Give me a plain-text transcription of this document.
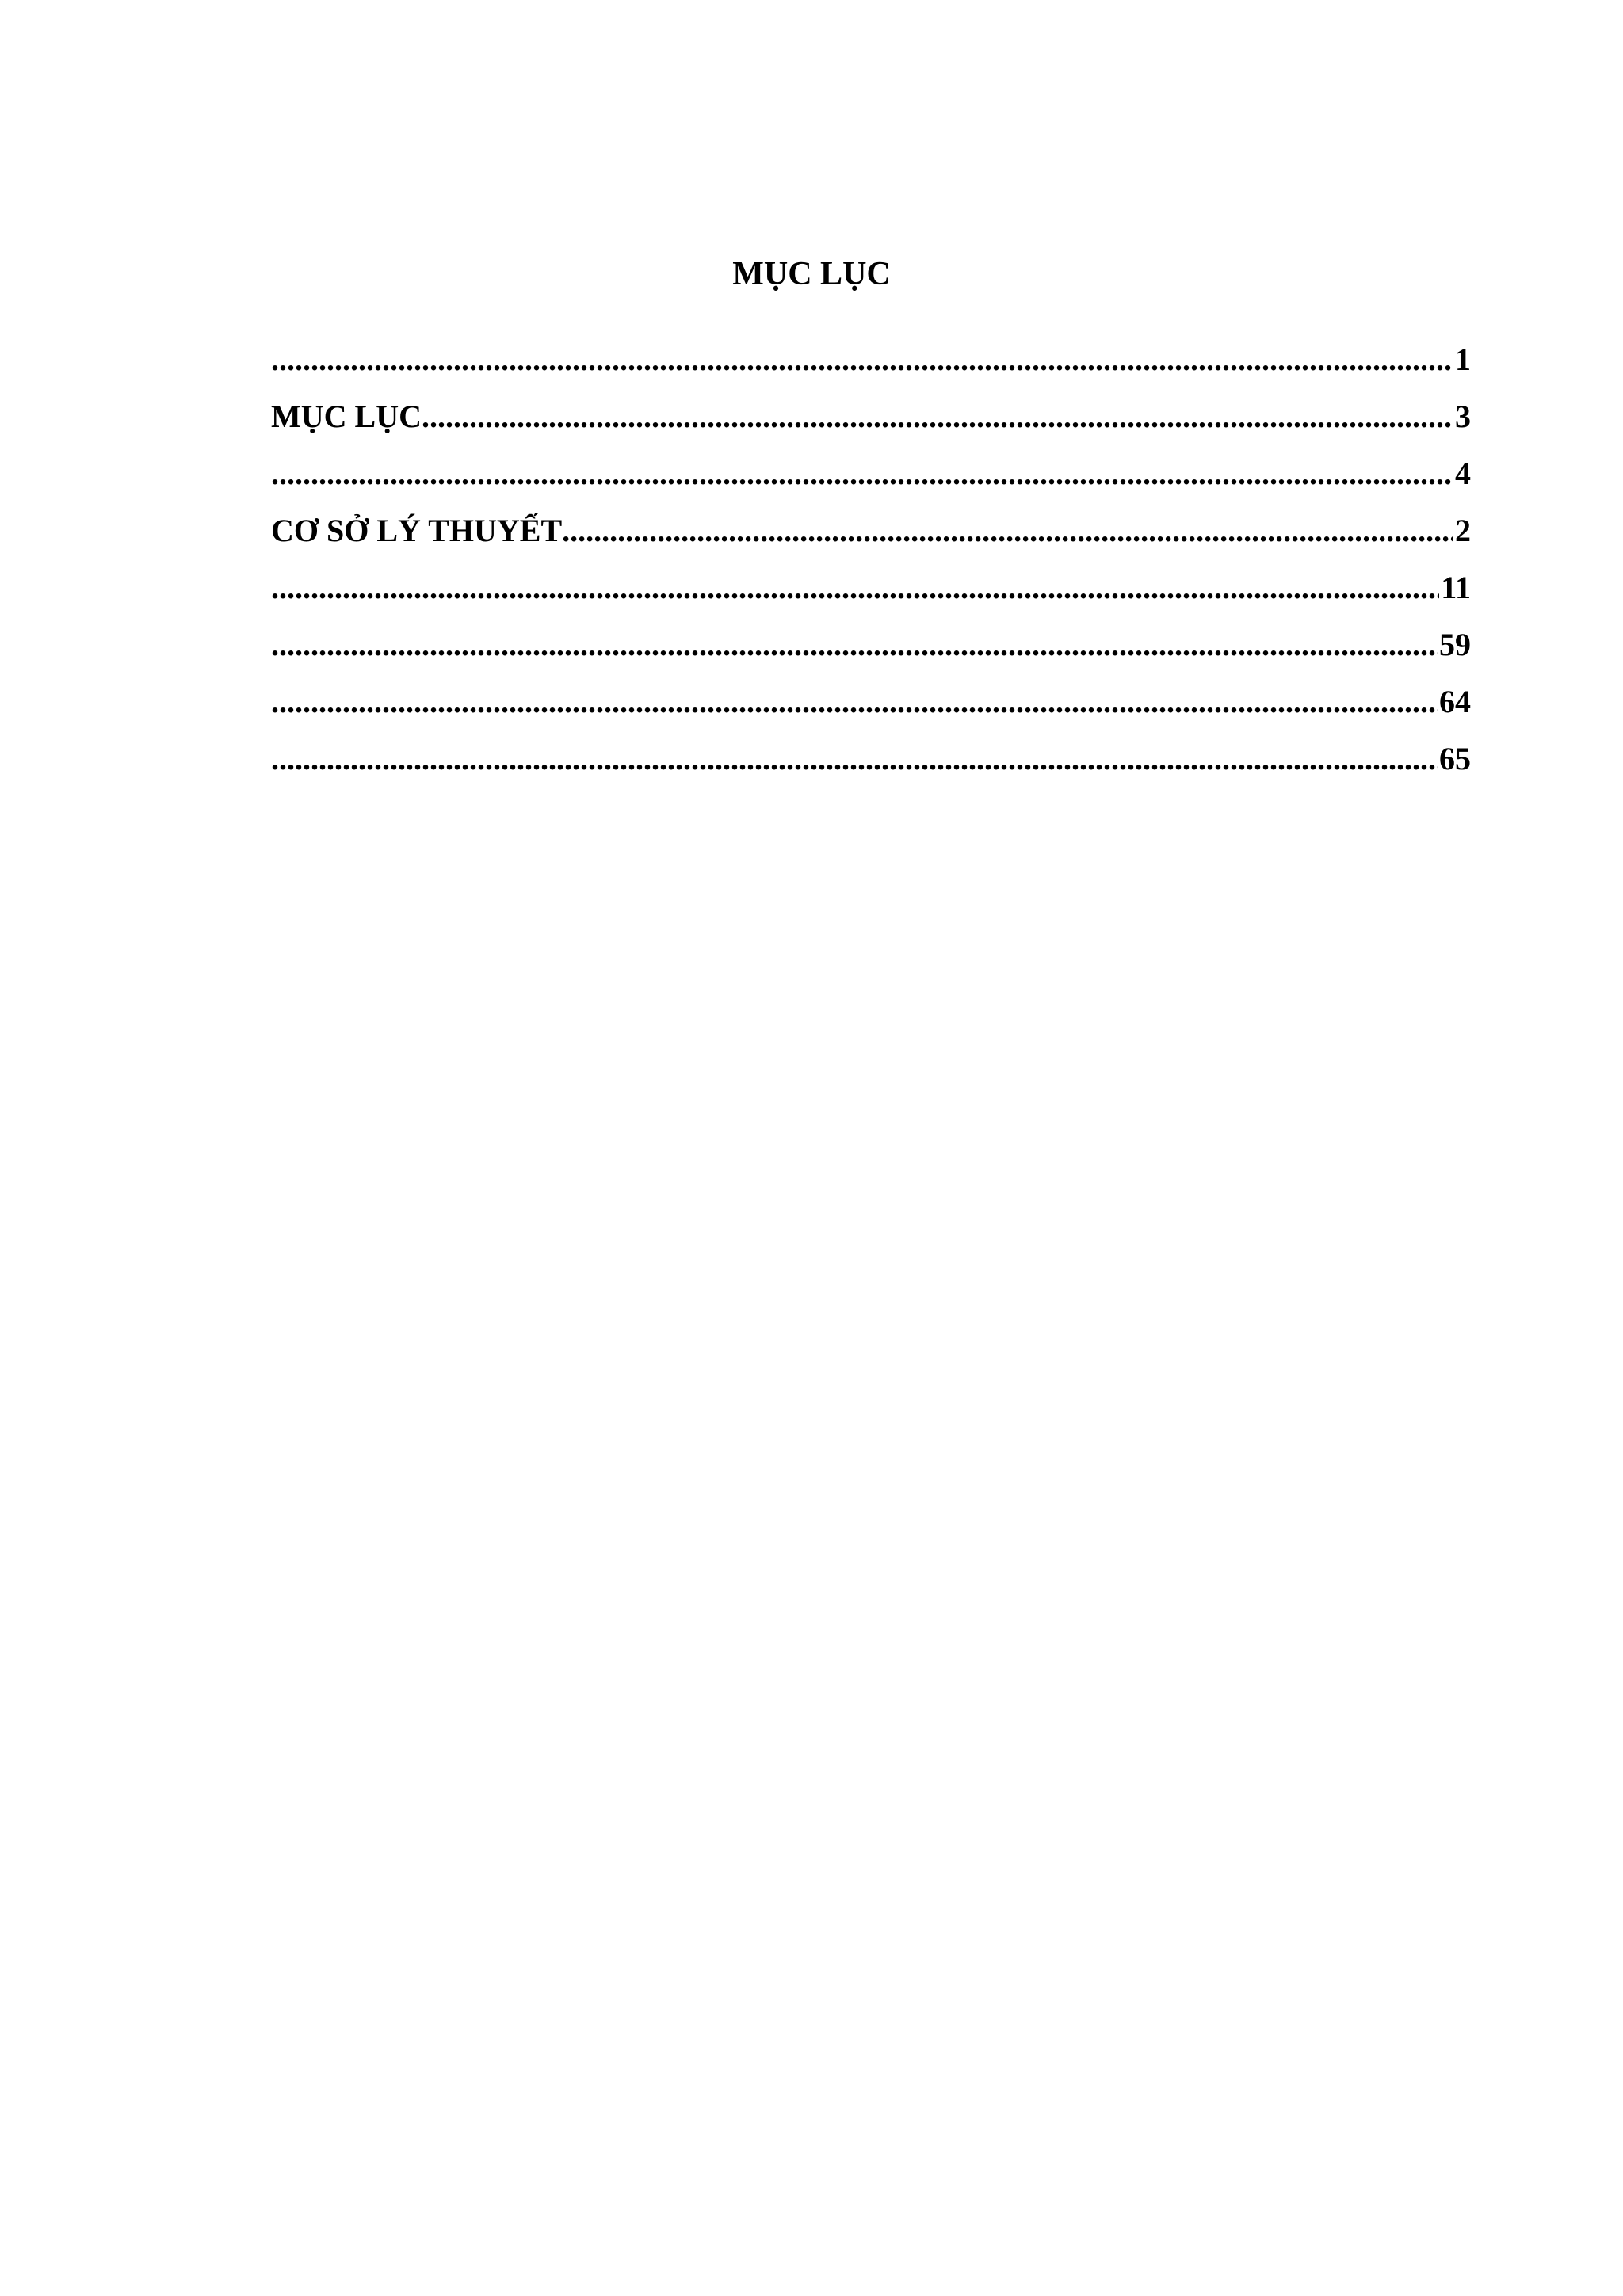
MỤC LỤC
.....
1
MỤC LỤC .....	3
.....
4
CƠ SỞ LÝ THUYẾT .....	2
.....
11
.....
59
.....
64
.....
65
